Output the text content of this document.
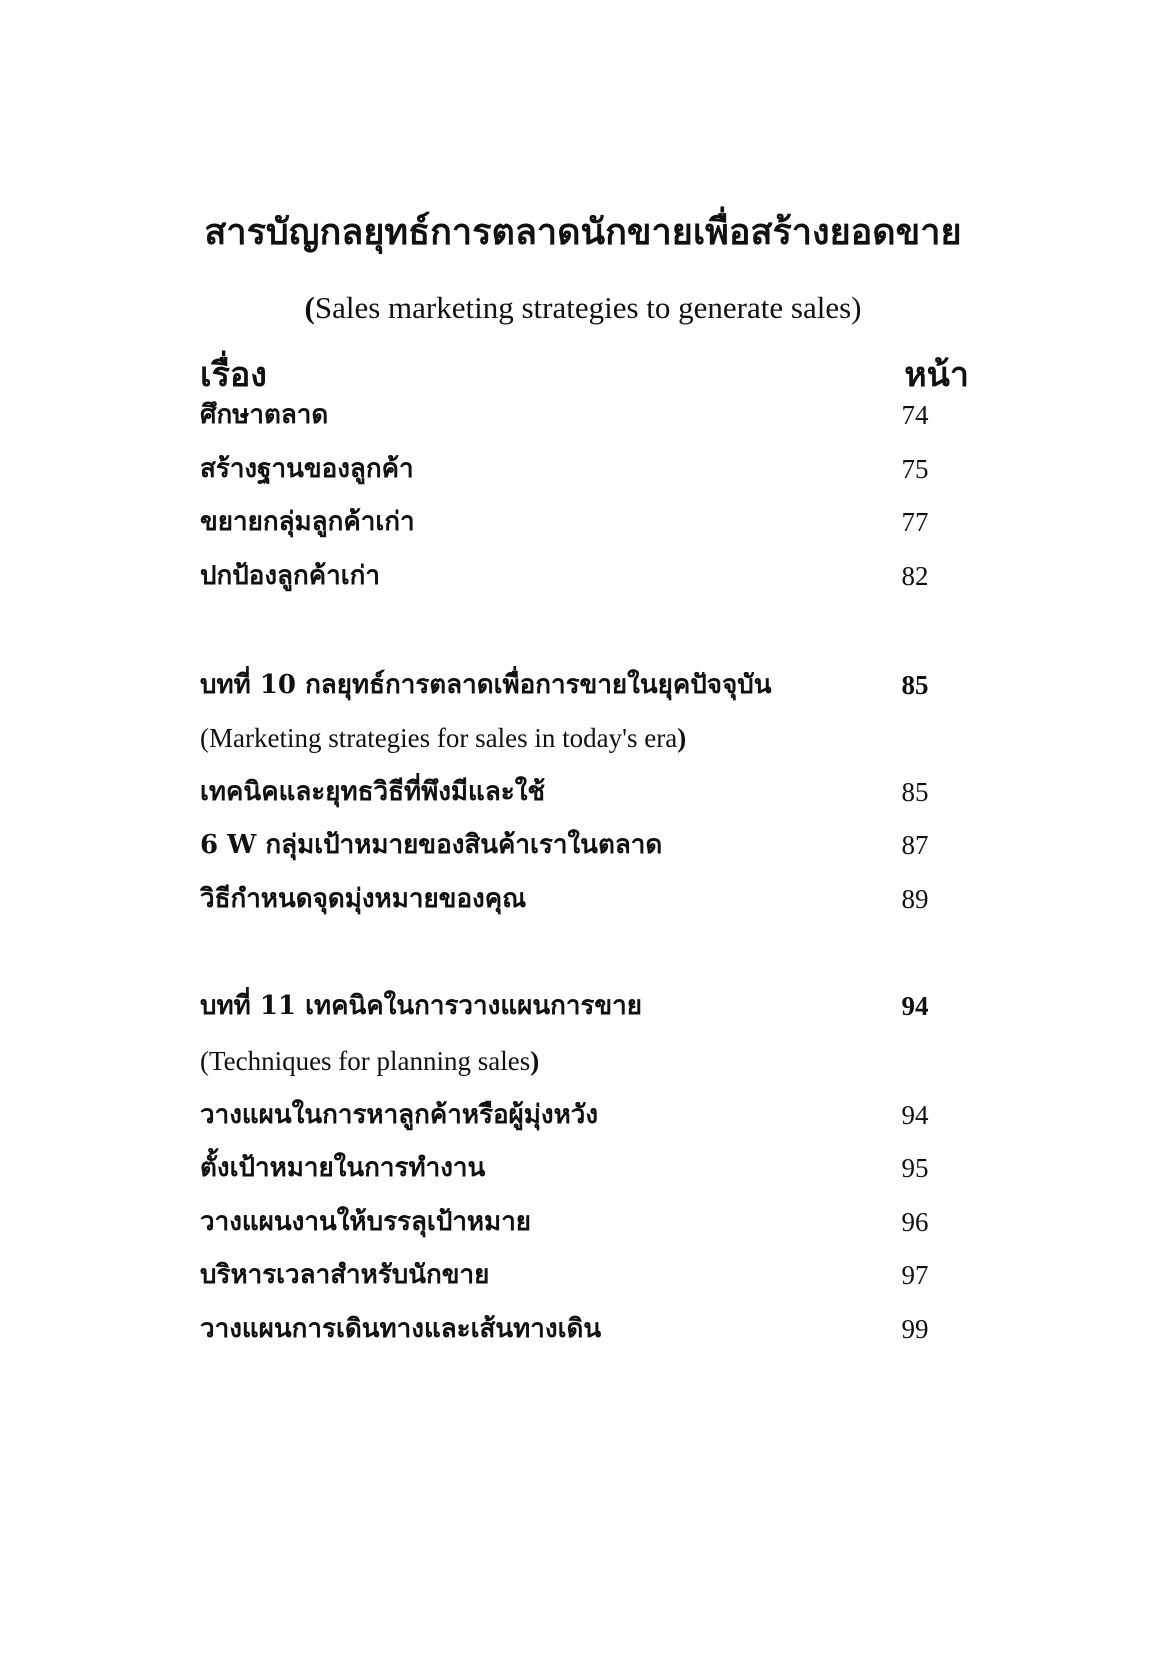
สารบัญกลยุทธ์การตลาดนักขายเพื่อสร้างยอดขาย
(Sales marketing strategies to generate sales)
เรื่อง	หน้า
ศึกษาตลาด	74
สร้างฐานของลูกค้า	75
ขยายกลุ่มลูกค้าเก่า	77
ปกป้องลูกค้าเก่า	82
บทที่ 10 กลยุทธ์การตลาดเพื่อการขายในยุคปัจจุบัน	85
(Marketing strategies for sales in today's era)
เทคนิคและยุทธวิธีที่พึงมีและใช้	85
6 W กลุ่มเป้าหมายของสินค้าเราในตลาด	87
วิธีกำหนดจุดมุ่งหมายของคุณ	89
บทที่ 11 เทคนิคในการวางแผนการขาย	94
(Techniques for planning sales)
วางแผนในการหาลูกค้าหรือผู้มุ่งหวัง	94
ตั้งเป้าหมายในการทำงาน	95
วางแผนงานให้บรรลุเป้าหมาย	96
บริหารเวลาสำหรับนักขาย	97
วางแผนการเดินทางและเส้นทางเดิน	99
